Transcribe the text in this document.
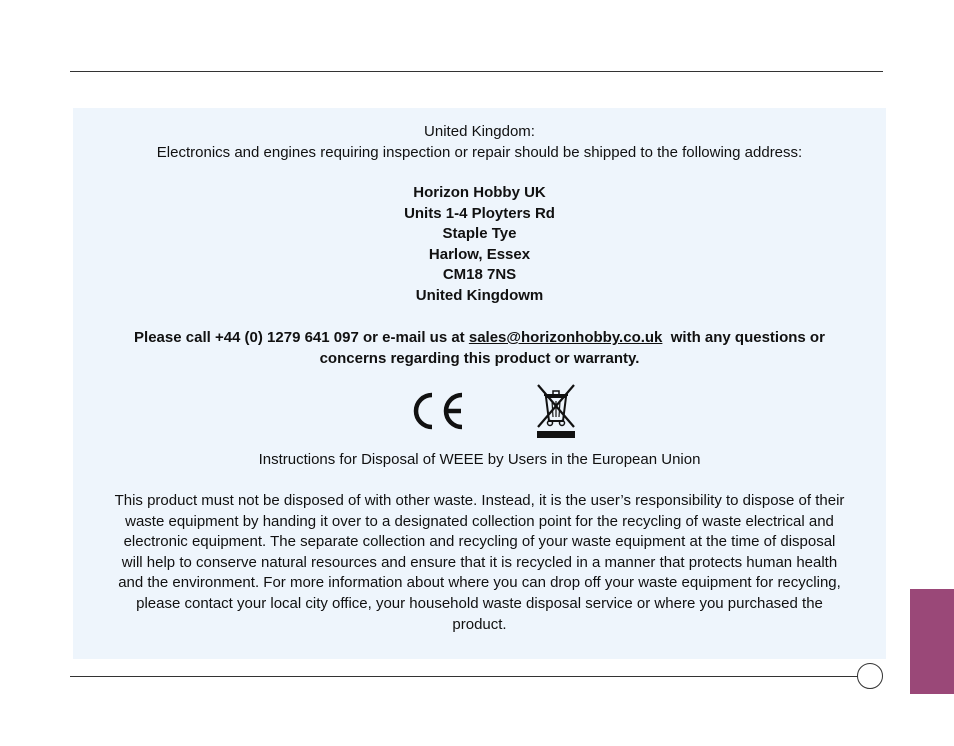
United Kingdom:
Electronics and engines requiring inspection or repair should be shipped to the following address:
Horizon Hobby UK
Units 1-4 Ployters Rd
Staple Tye
Harlow, Essex
CM18 7NS
United Kingdowm
Please call +44 (0) 1279 641 097 or e-mail us at sales@horizonhobby.co.uk  with any questions or
concerns regarding this product or warranty.
Instructions for Disposal of WEEE by Users in the European Union
This product must not be disposed of with other waste. Instead, it is the user’s responsibility to dispose of their
waste equipment by handing it over to a designated collection point for the recycling of waste electrical and
electronic equipment. The separate collection and recycling of your waste equipment at the time of disposal
will help to conserve natural resources and ensure that it is recycled in a manner that protects human health
and the environment. For more information about where you can drop off your waste equipment for recycling,
please contact your local city office, your household waste disposal service or where you purchased the
product.
